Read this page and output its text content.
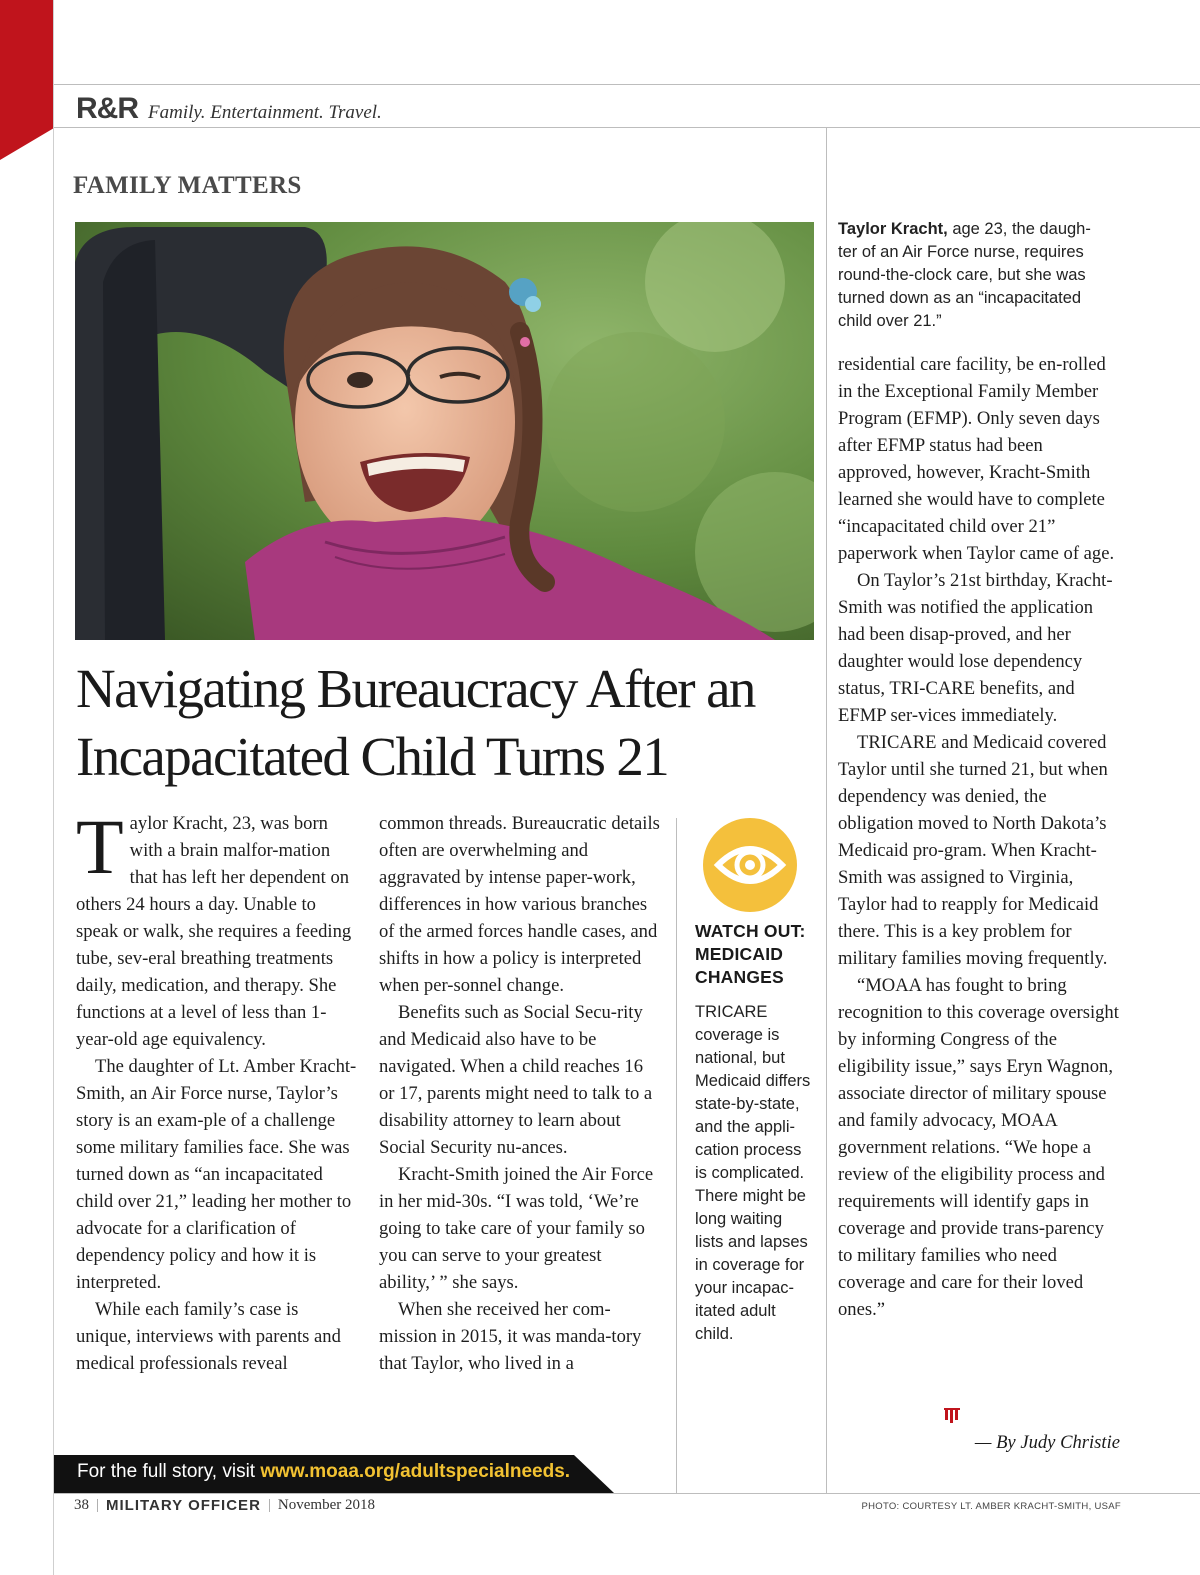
R&R Family. Entertainment. Travel.
FAMILY MATTERS
Navigating Bureaucracy After an Incapacitated Child Turns 21

Taylor Kracht, 23, was born with a brain malfor-mation that has left her dependent on others 24 hours a day. Unable to speak or walk, she requires a feeding tube, sev-eral breathing treatments daily, medication, and therapy. She functions at a level of less than 1-year-old age equivalency.

The daughter of Lt. Amber Kracht-Smith, an Air Force nurse, Taylor’s story is an exam-ple of a challenge some military families face. She was turned down as “an incapacitated child over 21,” leading her mother to advocate for a clarification of dependency policy and how it is interpreted.

While each family’s case is unique, interviews with parents and medical professionals reveal

common threads. Bureaucratic details often are overwhelming and aggravated by intense paper-work, differences in how various branches of the armed forces handle cases, and shifts in how a policy is interpreted when per-sonnel change.

Benefits such as Social Secu-rity and Medicaid also have to be navigated. When a child reaches 16 or 17, parents might need to talk to a disability attorney to learn about Social Security nu-ances.

Kracht-Smith joined the Air Force in her mid-30s. “I was told, ‘We’re going to take care of your family so you can serve to your greatest ability,’ ” she says.

When she received her com-mission in 2015, it was manda-tory that Taylor, who lived in a

residential care facility, be en-rolled in the Exceptional Family Member Program (EFMP). Only seven days after EFMP status had been approved, however, Kracht-Smith learned she would have to complete “incapacitated child over 21” paperwork when Taylor came of age.

On Taylor’s 21st birthday, Kracht-Smith was notified the application had been disap-proved, and her daughter would lose dependency status, TRI-CARE benefits, and EFMP ser-vices immediately.

TRICARE and Medicaid covered Taylor until she turned 21, but when dependency was denied, the obligation moved to North Dakota’s Medicaid pro-gram. When Kracht-Smith was assigned to Virginia, Taylor had to reapply for Medicaid there. This is a key problem for military families moving frequently.

“MOAA has fought to bring recognition to this coverage oversight by informing Congress of the eligibility issue,” says Eryn Wagnon, associate director of military spouse and family advocacy, MOAA government relations. “We hope a review of the eligibility process and requirements will identify gaps in coverage and provide trans-parency to military families who need coverage and care for their loved ones.”

— By Judy Christie
Taylor Kracht, age 23, the daugh-ter of an Air Force nurse, requires round-the-clock care, but she was turned down as an “incapacitated child over 21.”
WATCH OUT: MEDICAID CHANGES
TRICARE coverage is national, but Medicaid differs state-by-state, and the appli-cation process is complicated. There might be long waiting lists and lapses in coverage for your incapac-itated adult child.
For the full story, visit www.moaa.org/adultspecialneeds.
38 | MILITARY OFFICER | November 2018	PHOTO: COURTESY LT. AMBER KRACHT-SMITH, USAF
